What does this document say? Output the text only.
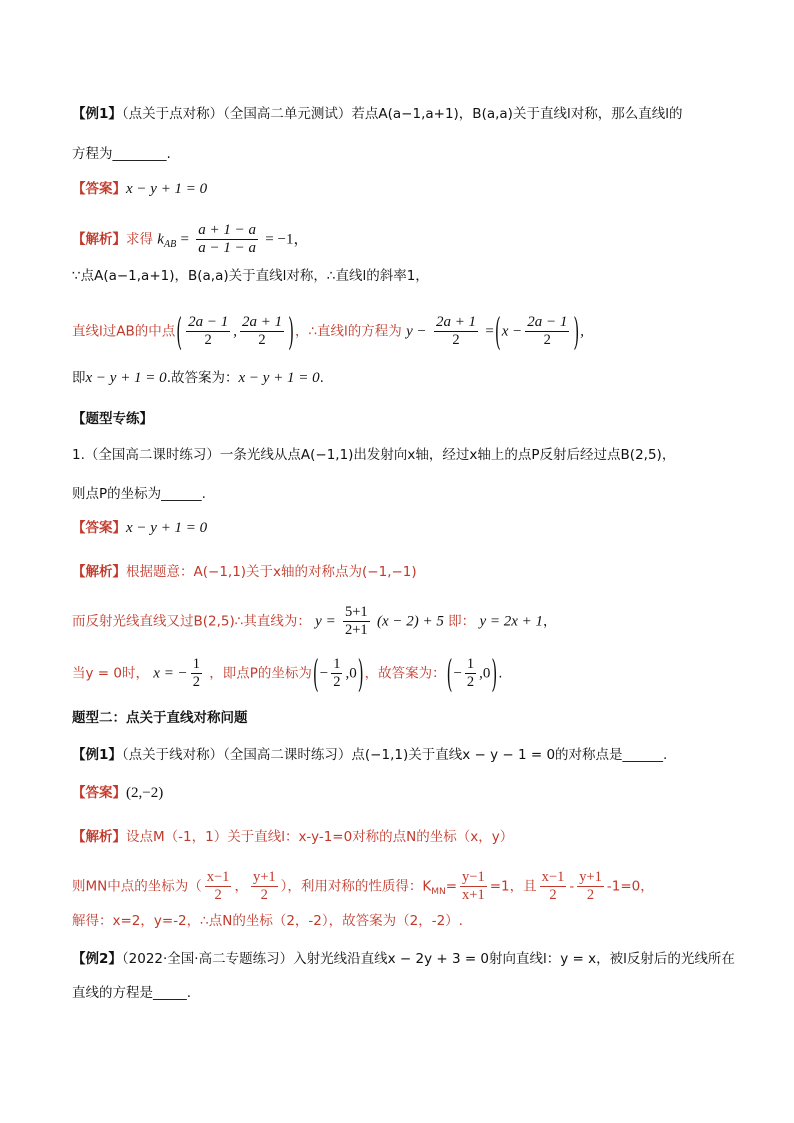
【例1】（点关于点对称）（全国高二单元测试）若点A(a−1,a+1)，B(a,a)关于直线l对称，那么直线l的
方程为________.
【答案】x − y + 1 = 0
【解析】求得 $k_{AB} = \frac{a + 1 - a}{a - 1 - a} = -1$，
∵点A(a−1,a+1)，B(a,a)关于直线l对称，∴直线l的斜率1，
直线l过AB的中点( $\frac{2a - 1}{2}$ , $\frac{2a + 1}{2}$ )，∴直线l的方程为 $y - \frac{2a + 1}{2} =(x - \frac{2a - 1}{2}$ ),
即x − y + 1 = 0.故答案为：x − y + 1 = 0.
【题型专练】
1.（全国高二课时练习）一条光线从点A(−1,1)出发射向x轴，经过x轴上的点P反射后经过点B(2,5)，
则点P的坐标为______.
【答案】x − y + 1 = 0
【解析】根据题意：A(−1,1)关于x轴的对称点为(−1,−1)
而反射光线直线又过B(2,5)∴其直线为： $y = \frac{5+1}{2+1} (x - 2) + 5$ 即： y = 2x + 1，
当y = 0时， x = − $\frac{1}{2}$ ，即点P的坐标为(− $\frac{1}{2} ,0$)，故答案为：(− $\frac{1}{2} ,0$).
题型二：点关于直线对称问题
【例1】（点关于线对称）（全国高二课时练习）点(−1,1)关于直线x − y − 1 = 0的对称点是______.
【答案】(2,−2)
【解析】设点M（-1，1）关于直线l：x-y-1=0对称的点N的坐标（x，y）
则MN中点的坐标为（ $\frac{x-1}{2}$ ， $\frac{y+1}{2}$ ），利用对称的性质得：$K_{MN}= \frac{y-1}{x+1} =1$，且 $\frac{x-1}{2} - \frac{y+1}{2} -1=0$，
解得：x=2，y=-2，∴点N的坐标（2，-2），故答案为（2，-2）.
【例2】（2022·全国·高二专题练习）入射光线沿直线x − 2y + 3 = 0射向直线l：y = x，被l反射后的光线所在
直线的方程是_____.
